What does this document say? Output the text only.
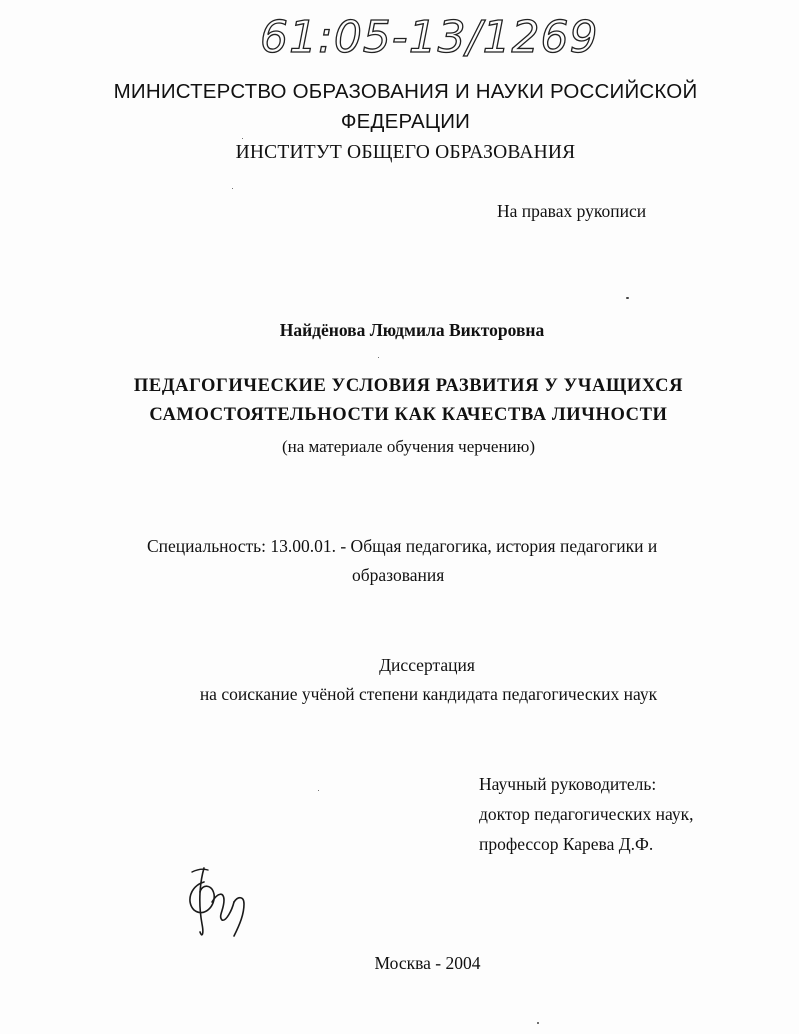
61:05-13/1269
МИНИСТЕРСТВО ОБРАЗОВАНИЯ И НАУКИ РОССИЙСКОЙ
ФЕДЕРАЦИИ
ИНСТИТУТ ОБЩЕГО ОБРАЗОВАНИЯ
На правах рукописи
Найдёнова Людмила Викторовна
ПЕДАГОГИЧЕСКИЕ УСЛОВИЯ РАЗВИТИЯ У УЧАЩИХСЯ
САМОСТОЯТЕЛЬНОСТИ КАК КАЧЕСТВА ЛИЧНОСТИ
(на материале обучения черчению)
Специальность: 13.00.01. - Общая педагогика, история педагогики и
образования
Диссертация
на соискание учёной степени кандидата педагогических наук
Научный руководитель:
доктор педагогических наук,
профессор Карева Д.Ф.
Москва - 2004
